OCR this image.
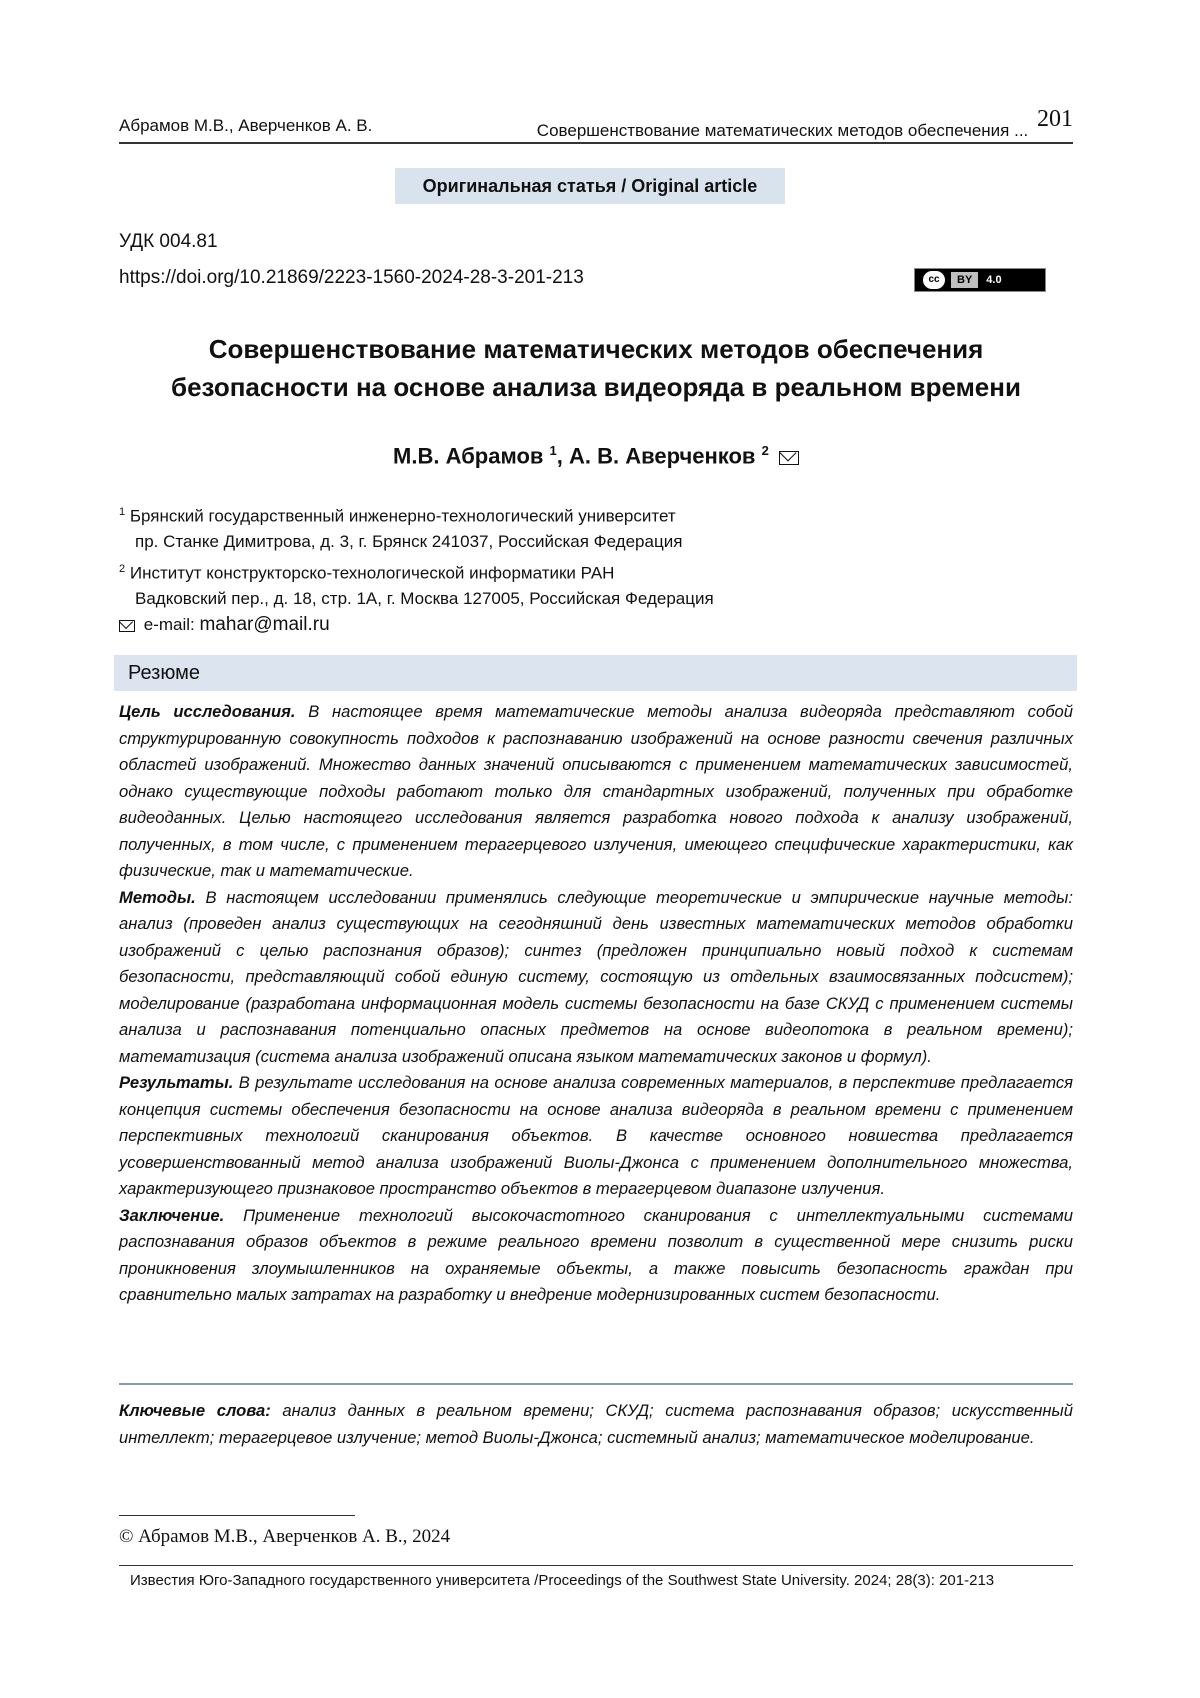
Абрамов М.В., Аверченков А. В.	Совершенствование математических методов обеспечения ... 201
Оригинальная статья / Original article
УДК 004.81
https://doi.org/10.21869/2223-1560-2024-28-3-201-213	cc	BY	4.0
Совершенствование математических методов обеспечения
безопасности на основе анализа видеоряда в реальном времени
М.В. Абрамов $^1$, А. В. Аверченков $^2$
$^1$ Брянский государственный инженерно-технологический университет
пр. Станке Димитрова, д. 3, г. Брянск 241037, Российская Федерация
$^2$ Институт конструкторско-технологической информатики РАН
Вадковский пер., д. 18, стр. 1А, г. Москва 127005, Российская Федерация
e-mail: mahar@mail.ru
Резюме

Цель исследования. В настоящее время математические методы анализа видеоряда представляют собой структурированную совокупность подходов к распознаванию изображений на основе разности свечения различных областей изображений. Множество данных значений описываются с применением математических зависимостей, однако существующие подходы работают только для стандартных изображений, полученных при обработке видеоданных. Целью настоящего исследования является разработка нового подхода к анализу изображений, полученных, в том числе, с применением терагерцевого излучения, имеющего специфические характеристики, как физические, так и математические.

Методы. В настоящем исследовании применялись следующие теоретические и эмпирические научные методы: анализ (проведен анализ существующих на сегодняшний день известных математических методов обработки изображений с целью распознания образов); синтез (предложен принципиально новый подход к системам безопасности, представляющий собой единую систему, состоящую из отдельных взаимосвязанных подсистем); моделирование (разработана информационная модель системы безопасности на базе СКУД с применением системы анализа и распознавания потенциально опасных предметов на основе видеопотока в реальном времени); математизация (система анализа изображений описана языком математических законов и формул).

Результаты. В результате исследования на основе анализа современных материалов, в перспективе предлагается концепция системы обеспечения безопасности на основе анализа видеоряда в реальном времени с применением перспективных технологий сканирования объектов. В качестве основного новшества предлагается усовершенствованный метод анализа изображений Виолы-Джонса с применением дополнительного множества, характеризующего признаковое пространство объектов в терагерцевом диапазоне излучения.

Заключение. Применение технологий высокочастотного сканирования с интеллектуальными системами распознавания образов объектов в режиме реального времени позволит в существенной мере снизить риски проникновения злоумышленников на охраняемые объекты, а также повысить безопасность граждан при сравнительно малых затратах на разработку и внедрение модернизированных систем безопасности.

Ключевые слова: анализ данных в реальном времени; СКУД; система распознавания образов; искусственный интеллект; терагерцевое излучение; метод Виолы-Джонса; системный анализ; математическое моделирование.
© Абрамов М.В., Аверченков А. В., 2024
Известия Юго-Западного государственного университета /Proceedings of the Southwest State University. 2024; 28(3): 201-213
